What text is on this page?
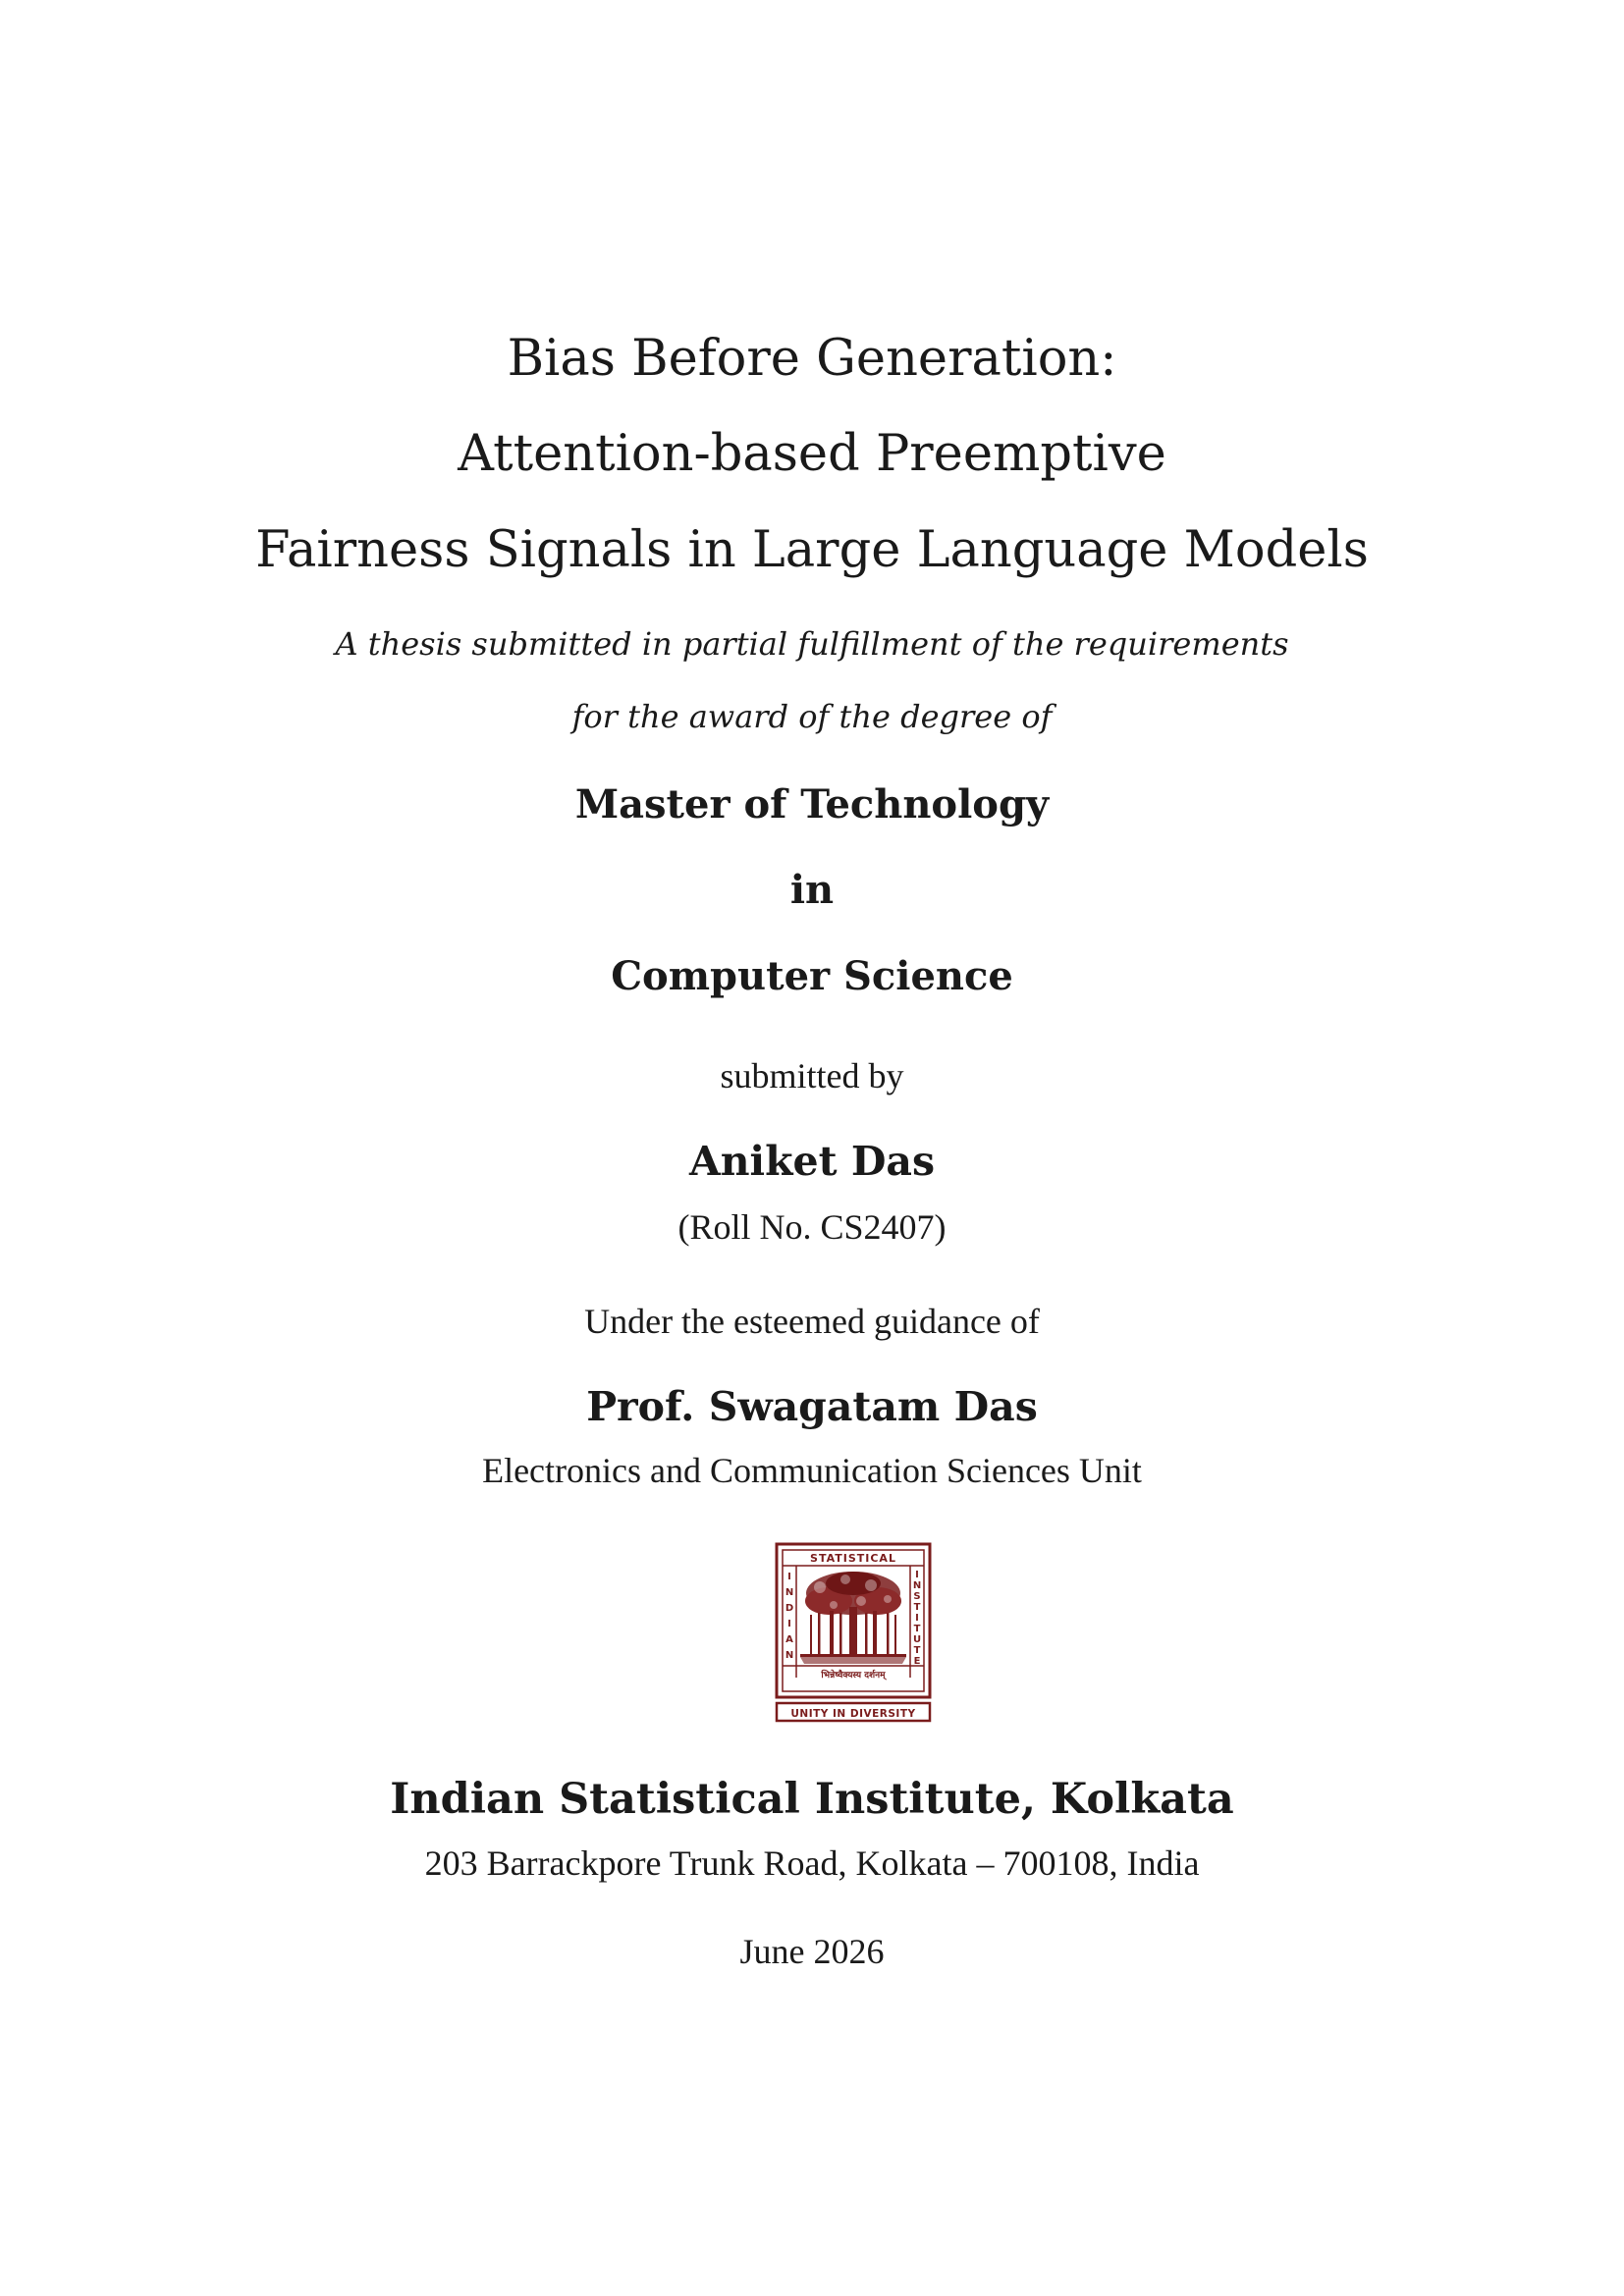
Bias Before Generation:
Attention-based Preemptive
Fairness Signals in Large Language Models
A thesis submitted in partial fulfillment of the requirements
for the award of the degree of
Master of Technology
in
Computer Science
submitted by
Aniket Das
(Roll No. CS2407)
Under the esteemed guidance of
Prof. Swagatam Das
Electronics and Communication Sciences Unit
STATISTICAL
I N D I A N
I N S T I T U T E
भिन्नेष्वैक्यस्य दर्शनम्
UNITY IN DIVERSITY
Indian Statistical Institute, Kolkata
203 Barrackpore Trunk Road, Kolkata – 700108, India
June 2026
